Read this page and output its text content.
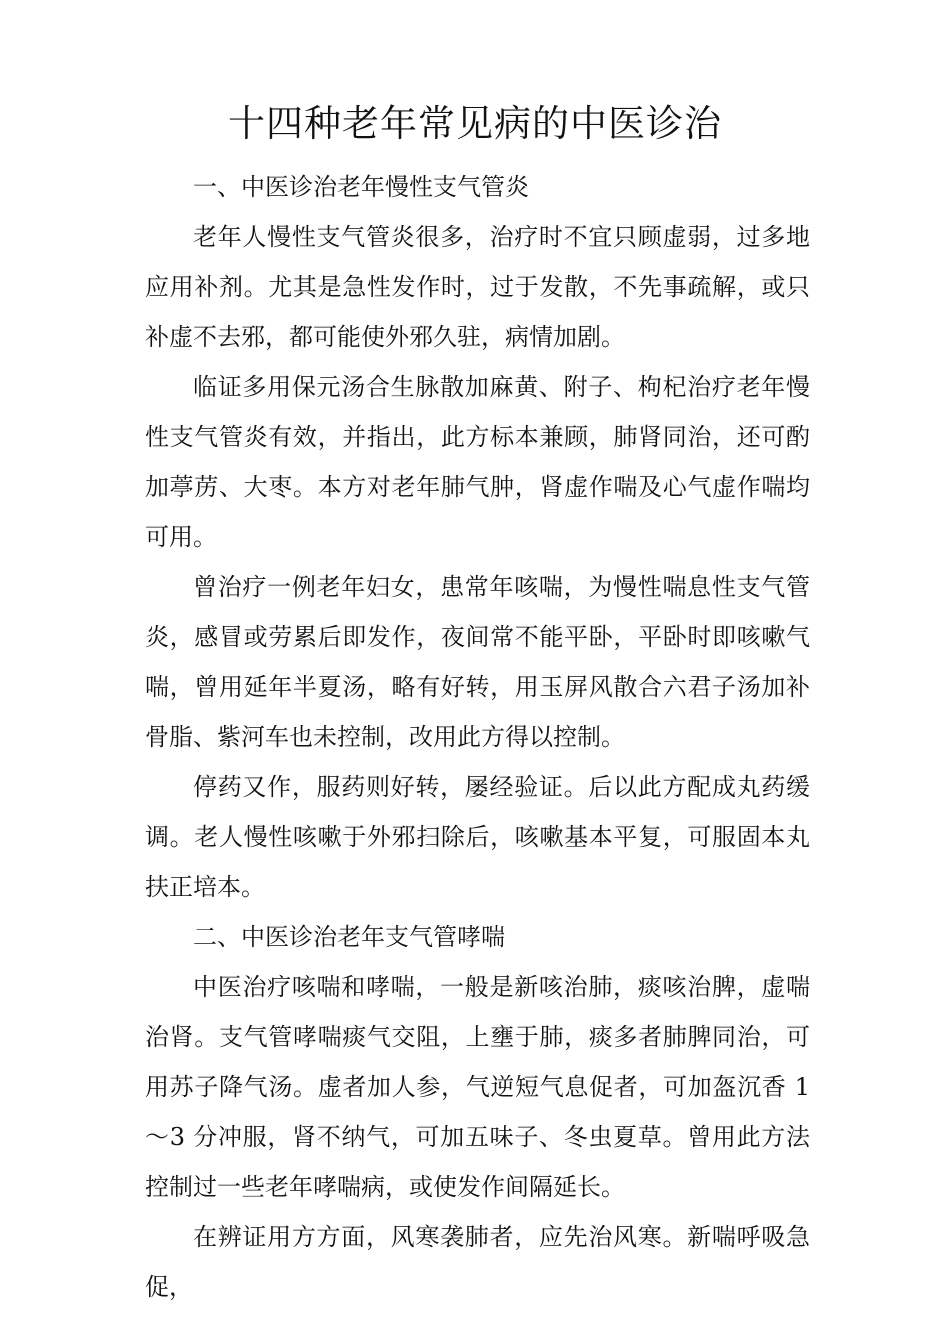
十四种老年常见病的中医诊治
一、中医诊治老年慢性支气管炎

老年人慢性支气管炎很多，治疗时不宜只顾虚弱，过多地应用补剂。尤其是急性发作时，过于发散，不先事疏解，或只补虚不去邪，都可能使外邪久驻，病情加剧。

临证多用保元汤合生脉散加麻黄、附子、枸杞治疗老年慢性支气管炎有效，并指出，此方标本兼顾，肺肾同治，还可酌加葶苈、大枣。本方对老年肺气肿，肾虚作喘及心气虚作喘均可用。

曾治疗一例老年妇女，患常年咳喘，为慢性喘息性支气管炎，感冒或劳累后即发作，夜间常不能平卧，平卧时即咳嗽气喘，曾用延年半夏汤，略有好转，用玉屏风散合六君子汤加补骨脂、紫河车也未控制，改用此方得以控制。

停药又作，服药则好转，屡经验证。后以此方配成丸药缓调。老人慢性咳嗽于外邪扫除后，咳嗽基本平复，可服固本丸扶正培本。

二、中医诊治老年支气管哮喘

中医治疗咳喘和哮喘，一般是新咳治肺，痰咳治脾，虚喘治肾。支气管哮喘痰气交阻，上壅于肺，痰多者肺脾同治，可用苏子降气汤。虚者加人参，气逆短气息促者，可加盔沉香 1～3 分冲服，肾不纳气，可加五味子、冬虫夏草。曾用此方法控制过一些老年哮喘病，或使发作间隔延长。

在辨证用方方面，风寒袭肺者，应先治风寒。新喘呼吸急促，
